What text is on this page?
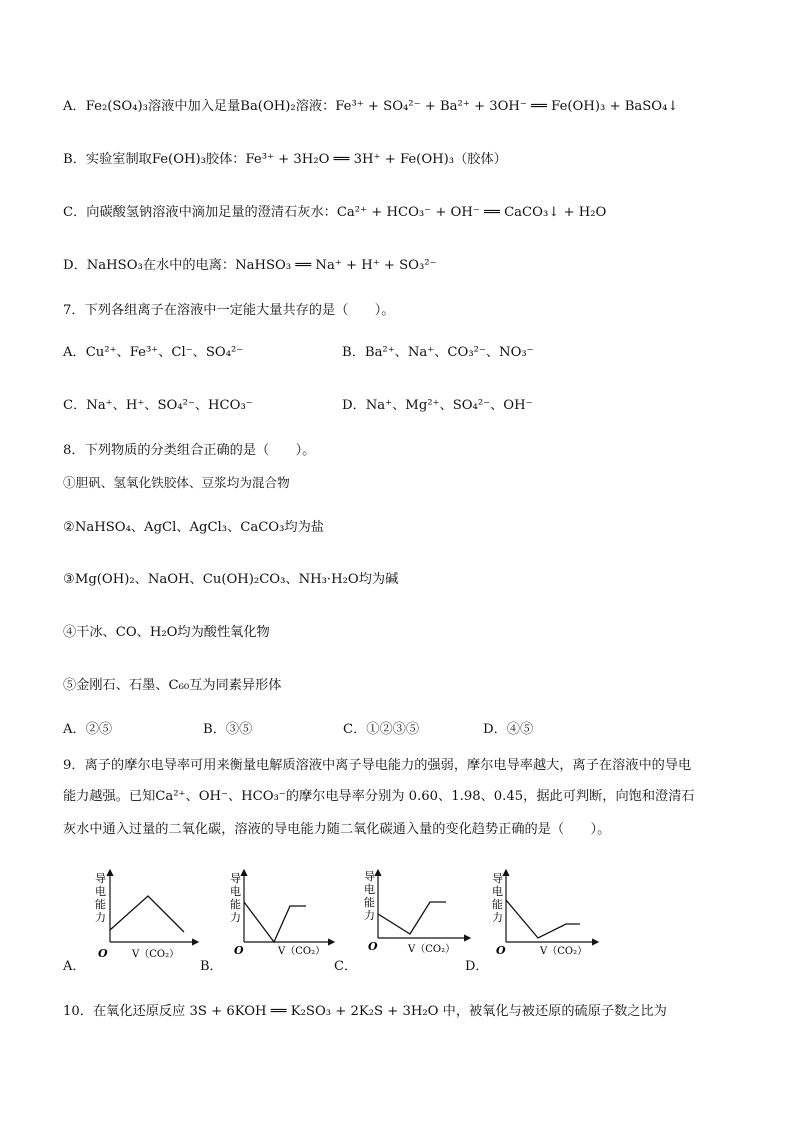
A．Fe₂(SO₄)₃溶液中加入足量Ba(OH)₂溶液：Fe³⁺ + SO₄²⁻ + Ba²⁺ + 3OH⁻ ══ Fe(OH)₃ + BaSO₄↓
B．实验室制取Fe(OH)₃胶体：Fe³⁺ + 3H₂O ══ 3H⁺ + Fe(OH)₃（胶体）
C．向碳酸氢钠溶液中滴加足量的澄清石灰水：Ca²⁺ + HCO₃⁻ + OH⁻ ══ CaCO₃↓ + H₂O
D．NaHSO₃在水中的电离：NaHSO₃ ══ Na⁺ + H⁺ + SO₃²⁻
7．下列各组离子在溶液中一定能大量共存的是（　　）。
A．Cu²⁺、Fe³⁺、Cl⁻、SO₄²⁻	B．Ba²⁺、Na⁺、CO₃²⁻、NO₃⁻
C．Na⁺、H⁺、SO₄²⁻、HCO₃⁻	D．Na⁺、Mg²⁺、SO₄²⁻、OH⁻
8．下列物质的分类组合正确的是（　　）。
①胆矾、氢氧化铁胶体、豆浆均为混合物
②NaHSO₄、AgCl、AgCl₃、CaCO₃均为盐
③Mg(OH)₂、NaOH、Cu(OH)₂CO₃、NH₃·H₂O均为碱
④干冰、CO、H₂O均为酸性氧化物
⑤金刚石、石墨、C₆₀互为同素异形体
A．②⑤	B．③⑤	C．①②③⑤	D．④⑤
9．离子的摩尔电导率可用来衡量电解质溶液中离子导电能力的强弱，摩尔电导率越大，离子在溶液中的导电
能力越强。已知Ca²⁺、OH⁻、HCO₃⁻的摩尔电导率分别为 0.60、1.98、0.45，据此可判断，向饱和澄清石
灰水中通入过量的二氧化碳，溶液的导电能力随二氧化碳通入量的变化趋势正确的是（　　）。
导
电
能
力
O V（CO₂）
A．
导
电
能
力
O	V（CO₂）
B．
导
电
能
力
O	V（CO₂）
C．
导
电
能
力
O	V（CO₂）
D．
10．在氧化还原反应 3S + 6KOH ══ K₂SO₃ + 2K₂S + 3H₂O 中，被氧化与被还原的硫原子数之比为
